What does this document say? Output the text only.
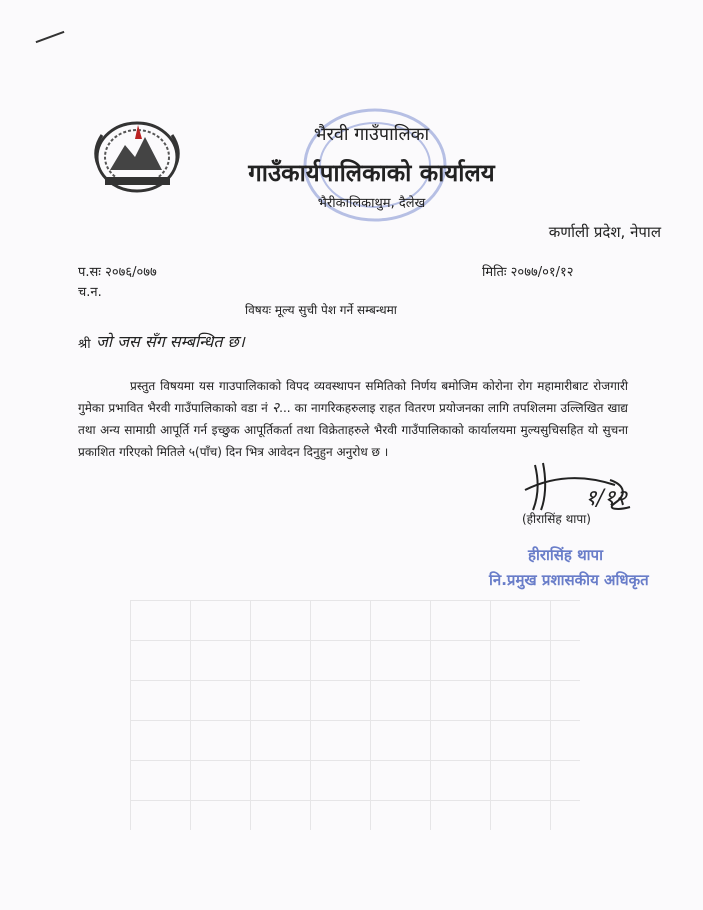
भैरवी गाउँपालिका
गाउँकार्यपालिकाको कार्यालय
भैरीकालिकाथुम, दैलेख
कर्णाली प्रदेश, नेपाल
प.सः २०७६/०७७
च.न.
मितिः २०७७/०१/१२
विषयः मूल्य सुची पेश गर्ने सम्बन्धमा
श्री जो जस सँग सम्बन्धित छ।
प्रस्तुत विषयमा यस गाउपालिकाको विपद व्यवस्थापन समितिको निर्णय बमोजिम कोरोना रोग महामारीबाट रोजगारी गुमेका प्रभावित भैरवी गाउँपालिकाको वडा नं २... का नागरिकहरुलाइ राहत वितरण प्रयोजनका लागि तपशिलमा उल्लिखित खाद्य तथा अन्य सामाग्री आपूर्ति गर्न इच्छुक आपूर्तिकर्ता तथा विक्रेताहरुले भैरवी गाउँपालिकाको कार्यालयमा मुल्यसुचिसहित यो सुचना प्रकाशित गरिएको मितिले ५(पाँच) दिन भित्र आवेदन दिनुहुन अनुरोध छ ।
१/१२
(हीरासिंह थापा)
हीरासिंह थापा
नि.प्रमुख प्रशासकीय अधिकृत
